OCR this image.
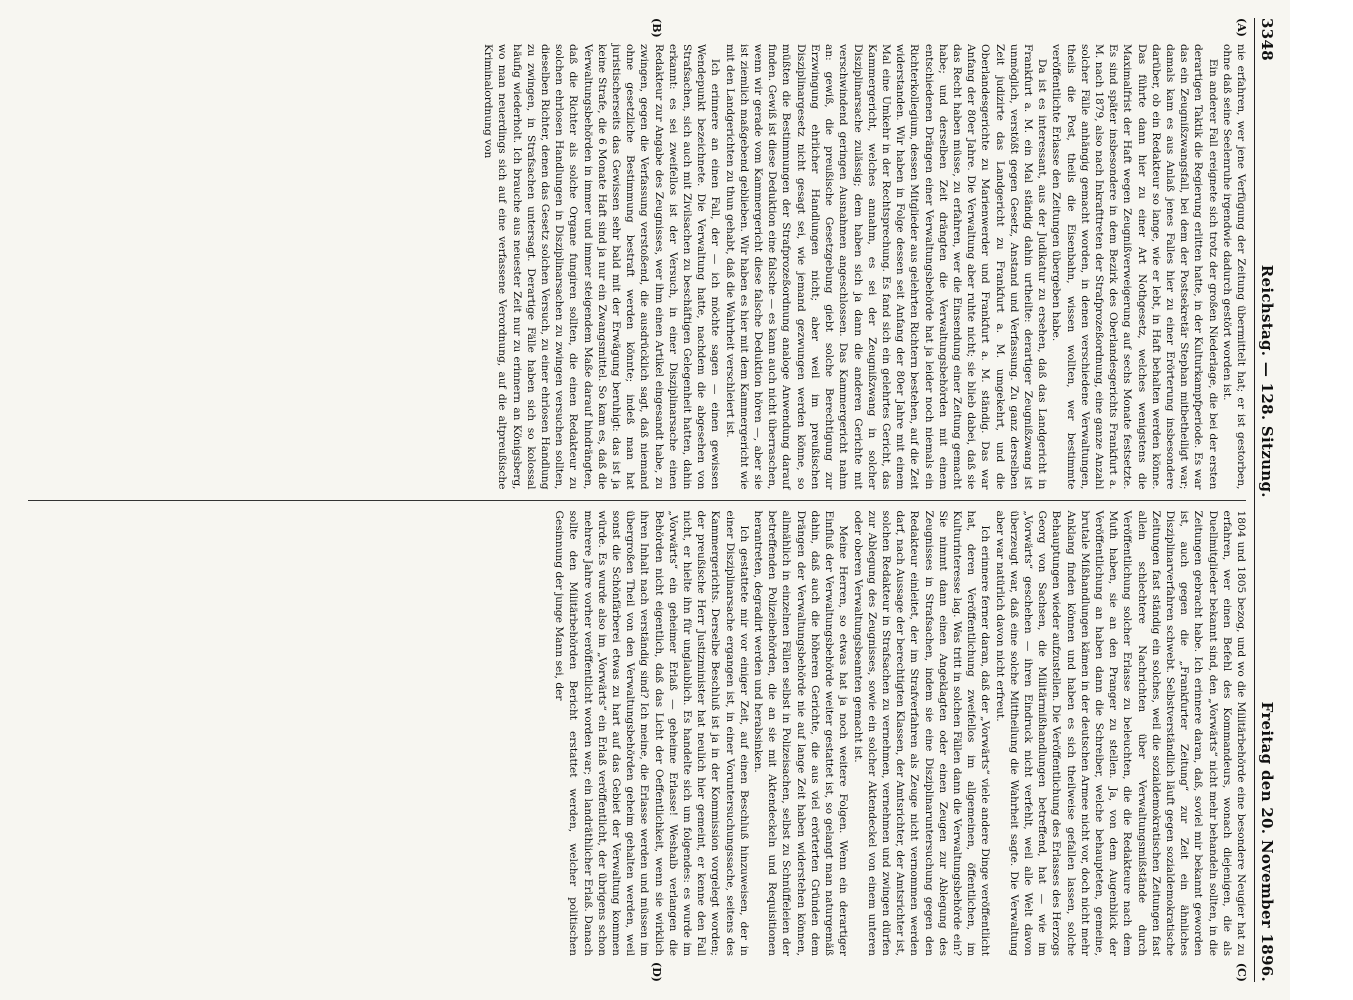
3348
Reichstag. — 128. Sitzung.
Freitag den 20. November 1896.
(A)
(B)

nie erfahren, wer jene Verfügung der Zeitung übermittelt hat; er ist gestorben, ohne daß seine Seelenruhe irgendwie dadurch gestört worden ist.

Ein anderer Fall ereignete sich trotz der großen Niederlage, die bei der ersten derartigen Taktik die Regierung erlitten hatte, in der Kulturkampfperiode. Es war das ein Zeugnißzwangsfall, bei dem der Postsekretär Stephan mitbetheiligt war; damals kam es aus Anlaß jenes Falles hier zu einer Erörterung insbesondere darüber, ob ein Redakteur so lange, wie er lebt, in Haft behalten werden könne. Das führte dann hier zu einer Art Nothgesetz, welches wenigstens die Maximalfrist der Haft wegen Zeugnißverweigerung auf sechs Monate festsetzte. Es sind später insbesondere in dem Bezirk des Oberlandesgerichts Frankfurt a. M. nach 1879, also nach Inkrafttreten der Strafprozeßordnung, eine ganze Anzahl solcher Fälle anhängig gemacht worden, in denen verschiedene Verwaltungen, theils die Post, theils die Eisenbahn, wissen wollten, wer bestimmte veröffentlichte Erlasse den Zeitungen übergeben habe.

Da ist es interessant, aus der Judikatur zu ersehen, daß das Landgericht in Frankfurt a. M. ein Mal ständig dahin urtheilte: derartiger Zeugnißzwang ist unmöglich, verstößt gegen Gesetz, Anstand und Verfassung. Zu ganz derselben Zeit judizirte das Landgericht zu Frankfurt a. M. umgekehrt, und die Oberlandesgerichte zu Marienwerder und Frankfurt a. M. ständig. Das war Anfang der 80er Jahre. Die Verwaltung aber ruhte nicht; sie blieb dabei, daß sie das Recht haben müsse, zu erfahren, wer die Einsendung einer Zeitung gemacht habe; und derselben Zeit drängten die Verwaltungsbehörden mit einem entschiedenen Drängen einer Verwaltungsbehörde hat ja leider noch niemals ein Richterkollegium, dessen Mitglieder aus gelehrten Richtern bestehen, auf die Zeit widerstanden. Wir haben in Folge dessen seit Anfang der 80er Jahre mit einem Mal eine Umkehr in der Rechtsprechung. Es fand sich ein gelehrtes Gericht, das Kammergericht, welches annahm, es sei der Zeugnißzwang in solcher Disziplinarsache zulässig; dem haben sich ja dann die anderen Gerichte mit verschwindend geringen Ausnahmen angeschlossen. Das Kammergericht nahm an: gewiß, die preußische Gesetzgebung giebt solche Berechtigung zur Erzwingung ehrlicher Handlungen nicht; aber weil im preußischen Disziplinargesetz nicht gesagt sei, wie jemand gezwungen werden könne, so müßten die Bestimmungen der Strafprozeßordnung analoge Anwendung darauf finden. Gewiß ist diese Deduktion eine falsche — es kann auch nicht überraschen, wenn wir gerade vom Kammergericht diese falsche Deduktion hören —, aber sie ist ziemlich maßgebend geblieben. Wir haben es hier mit dem Kammergericht wie mit den Landgerichten zu thun gehabt, daß die Wahrheit verschleiert ist.

Ich erinnere an einen Fall, der — ich möchte sagen — einen gewissen Wendepunkt bezeichnete. Die Verwaltung hatte, nachdem die abgesehen von Strafsachen, sich auch mit Zivilsachen zu beschäftigen Gelegenheit hatten, dahin erkannt: es sei zweifellos ist der Versuch, in einer Disziplinarsache einen Redakteur zur Angabe des Zeugnisses, wer ihm einen Artikel eingesandt habe, zu zwingen, gegen die Verfassung verstoßend, die ausdrücklich sagt, daß niemand ohne gesetzliche Bestimmung bestraft werden könnte; indeß man hat juristischerseits das Gewissen sehr bald mit der Erwägung beruhigt: das ist ja keine Strafe, die 6 Monate Haft sind ja nur ein Zwangsmittel. So kam es, daß die Verwaltungsbehörden in immer und immer steigendem Maße darauf hindrängten, daß die Richter als solche Organe fungiren sollten, die einen Redakteur zu solchen ehrlosen Handlungen in Disziplinarsachen zu zwingen versuchen sollten, dieselben Richter, denen das Gesetz solchen Versuch, zu einer ehrlosen Handlung zu zwingen, in Strafsachen untersagt. Derartige Fälle haben sich so kolossal häufig wiederholt. Ich brauche aus neuester Zeit nur zu erinnern an Königsberg, wo man neuerdings sich auf eine verfassene Verordnung, auf die altpreußische Kriminalordnung von

(C)
(D)

1804 und 1805 bezog, und wo die Militärbehörde eine besondere Neugier hat zu erfahren, wer einen Befehl des Kommandeurs, wonach diejenigen, die als Duellmitglieder bekannt sind, den „Vorwärts“ nicht mehr behandeln sollten, in die Zeitungen gebracht habe. Ich erinnere daran, daß, soviel mir bekannt geworden ist, auch gegen die „Frankfurter Zeitung“ zur Zeit ein ähnliches Disziplinarverfahren schwebt. Selbstverständlich läuft gegen sozialdemokratische Zeitungen fast ständig ein solches, weil die sozialdemokratischen Zeitungen fast allein schlechtere Nachrichten über Verwaltungsmißstände durch Veröffentlichung solcher Erlasse zu beleuchten, die die Redakteure nach dem Muth haben, sie an den Pranger zu stellen. Ja, von dem Augenblick der Veröffentlichung an haben dann die Schreiber, welche behaupteten, gemeine, brutale Mißhandlungen kämen in der deutschen Armee nicht vor, doch nicht mehr Anklang finden können und haben es sich theilweise gefallen lassen, solche Behauptungen wieder aufzustellen. Die Veröffentlichung des Erlasses des Herzogs Georg von Sachsen, die Militärmißhandlungen betreffend, hat — wie im „Vorwärts“ geschehen — ihren Eindruck nicht verfehlt, weil alle Welt davon überzeugt war, daß eine solche Mittheilung die Wahrheit sagte. Die Verwaltung aber war natürlich davon nicht erfreut.

Ich erinnere ferner daran, daß der „Vorwärts“ viele andere Dinge veröffentlicht hat, deren Veröffentlichung zweifellos im allgemeinen, öffentlichen, im Kulturinteresse lag. Was tritt in solchen Fällen dann die Verwaltungsbehörde ein? Sie nimmt dann einen Angeklagten oder einen Zeugen zur Ablegung des Zeugnisses in Strafsachen, indem sie eine Disziplinaruntersuchung gegen den Redakteur einleitet, der im Strafverfahren als Zeuge nicht vernommen werden darf, nach Aussage der berechtigten Klassen, der Amtsrichter, der Amtsrichter ist, solchen Redakteur in Strafsachen zu vernehmen, vernehmen und zwingen dürfen zur Ablegung des Zeugnisses, sowie ein solcher Aktendeckel von einem unteren oder oberen Verwaltungsbeamten gemacht ist.

Meine Herren, so etwas hat ja noch weitere Folgen. Wenn ein derartiger Einfluß der Verwaltungsbehörde weiter gestattet ist, so gelangt man naturgemäß dahin, daß auch die höheren Gerichte, die aus viel erörterten Gründen dem Drängen der Verwaltungsbehörde nie auf lange Zeit haben widerstehen können, allmählich in einzelnen Fällen selbst in Polizeisachen, selbst zu Schnüffeleien der betreffenden Polizeibehörden, die an sie mit Aktendeckeln und Requisitionen herantreten, degradirt werden und herabsinken.

Ich gestattete mir vor einiger Zeit, auf einen Beschluß hinzuweisen, der in einer Disziplinarsache ergangen ist, in einer Voruntersuchungssache, seitens des Kammergerichts. Derselbe Beschluß ist ja in der Kommission vorgelegt worden; der preußische Herr Justizminister hat neulich hier gemeint, er kenne den Fall nicht, er hielte ihn für unglaublich. Es handelte sich um folgendes: es wurde im „Vorwärts“ ein geheimer Erlaß — geheime Erlasse! Weshalb verlangen die Behörden nicht eigentlich, daß das Licht der Oeffentlichkeit, wenn sie wirklich ihren Inhalt nach verständig sind? Ich meine, die Erlasse werden und müssen im übergroßen Theil von den Verwaltungsbehörden geheim gehalten werden, weil sonst die Schönfärberei etwas zu hart auf das Gebiet der Verwaltung kommen würde. Es wurde also im „Vorwärts“ ein Erlaß veröffentlicht, der übrigens schon mehrere Jahre vorher veröffentlicht worden war; ein landräthlicher Erlaß. Danach sollte den Militärbehörden Bericht erstattet werden, welcher politischen Gesinnung der junge Mann sei, der
